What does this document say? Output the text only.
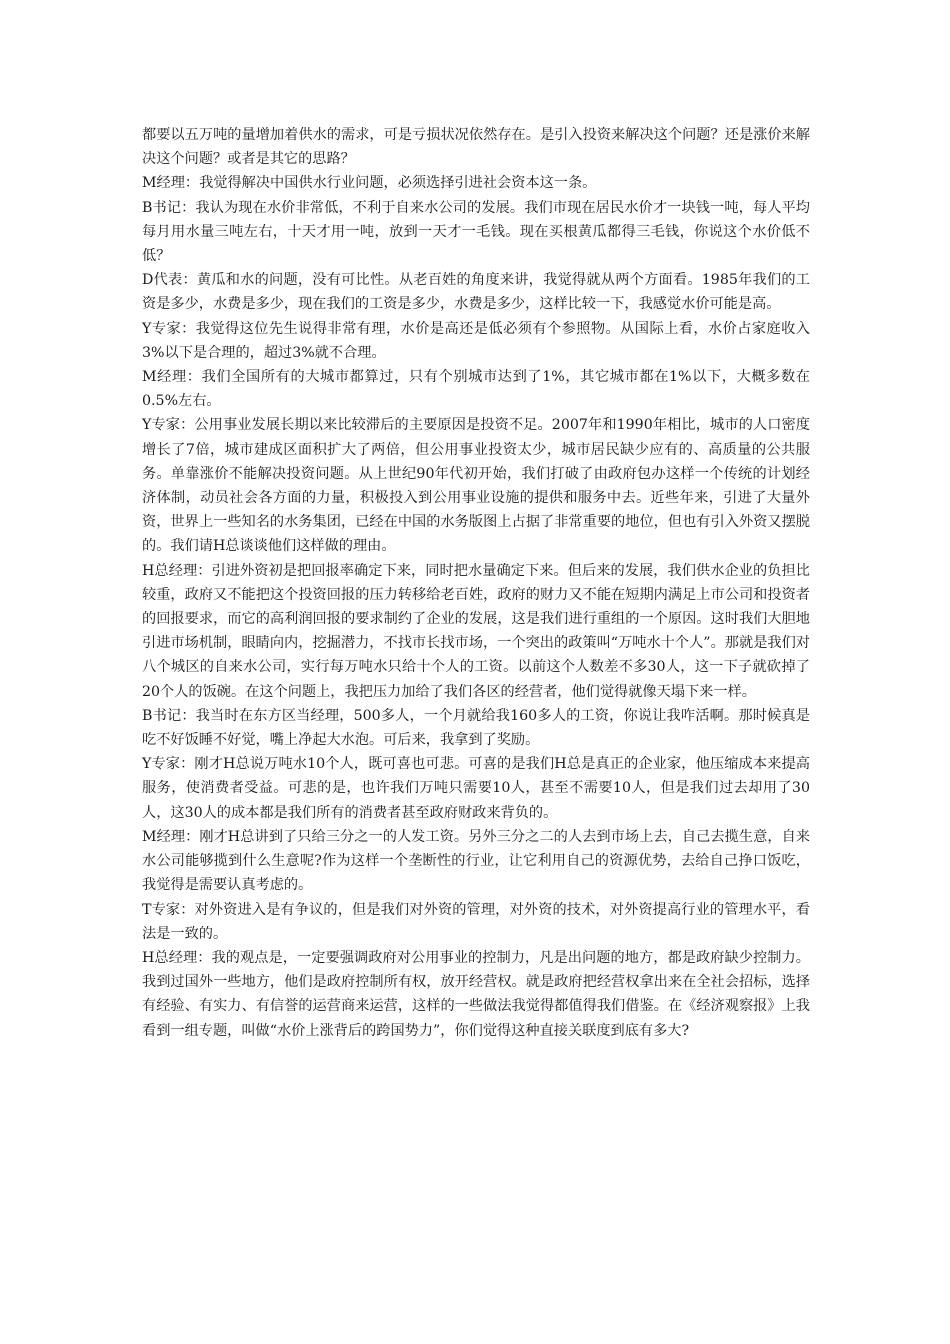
都要以五万吨的量增加着供水的需求，可是亏损状况依然存在。是引入投资来解决这个问题？还是涨价来解决这个问题？或者是其它的思路？

M经理：我觉得解决中国供水行业问题，必须选择引进社会资本这一条。

B书记：我认为现在水价非常低，不利于自来水公司的发展。我们市现在居民水价才一块钱一吨，每人平均每月用水量三吨左右，十天才用一吨，放到一天才一毛钱。现在买根黄瓜都得三毛钱，你说这个水价低不低？

D代表：黄瓜和水的问题，没有可比性。从老百姓的角度来讲，我觉得就从两个方面看。1985年我们的工资是多少，水费是多少，现在我们的工资是多少，水费是多少，这样比较一下，我感觉水价可能是高。

Y专家：我觉得这位先生说得非常有理，水价是高还是低必须有个参照物。从国际上看，水价占家庭收入3%以下是合理的，超过3%就不合理。

M经理：我们全国所有的大城市都算过，只有个别城市达到了1%，其它城市都在1%以下，大概多数在0.5%左右。

Y专家：公用事业发展长期以来比较滞后的主要原因是投资不足。2007年和1990年相比，城市的人口密度增长了7倍，城市建成区面积扩大了两倍，但公用事业投资太少，城市居民缺少应有的、高质量的公共服务。单靠涨价不能解决投资问题。从上世纪90年代初开始，我们打破了由政府包办这样一个传统的计划经济体制，动员社会各方面的力量，积极投入到公用事业设施的提供和服务中去。近些年来，引进了大量外资，世界上一些知名的水务集团，已经在中国的水务版图上占据了非常重要的地位，但也有引入外资又摆脱的。我们请H总谈谈他们这样做的理由。

H总经理：引进外资初是把回报率确定下来，同时把水量确定下来。但后来的发展，我们供水企业的负担比较重，政府又不能把这个投资回报的压力转移给老百姓，政府的财力又不能在短期内满足上市公司和投资者的回报要求，而它的高利润回报的要求制约了企业的发展，这是我们进行重组的一个原因。这时我们大胆地引进市场机制，眼睛向内，挖掘潜力，不找市长找市场，一个突出的政策叫“万吨水十个人”。那就是我们对八个城区的自来水公司，实行每万吨水只给十个人的工资。以前这个人数差不多30人，这一下子就砍掉了20个人的饭碗。在这个问题上，我把压力加给了我们各区的经营者，他们觉得就像天塌下来一样。

B书记：我当时在东方区当经理，500多人，一个月就给我160多人的工资，你说让我咋活啊。那时候真是吃不好饭睡不好觉，嘴上净起大水泡。可后来，我拿到了奖励。

Y专家：刚才H总说万吨水10个人，既可喜也可悲。可喜的是我们H总是真正的企业家，他压缩成本来提高服务，使消费者受益。可悲的是，也许我们万吨只需要10人，甚至不需要10人，但是我们过去却用了30人，这30人的成本都是我们所有的消费者甚至政府财政来背负的。

M经理：刚才H总讲到了只给三分之一的人发工资。另外三分之二的人去到市场上去，自己去揽生意，自来水公司能够揽到什么生意呢?作为这样一个垄断性的行业，让它利用自己的资源优势，去给自己挣口饭吃，我觉得是需要认真考虑的。

T专家：对外资进入是有争议的，但是我们对外资的管理，对外资的技术，对外资提高行业的管理水平，看法是一致的。

H总经理：我的观点是，一定要强调政府对公用事业的控制力，凡是出问题的地方，都是政府缺少控制力。我到过国外一些地方，他们是政府控制所有权，放开经营权。就是政府把经营权拿出来在全社会招标，选择有经验、有实力、有信誉的运营商来运营，这样的一些做法我觉得都值得我们借鉴。在《经济观察报》上我看到一组专题，叫做“水价上涨背后的跨国势力”，你们觉得这种直接关联度到底有多大?
